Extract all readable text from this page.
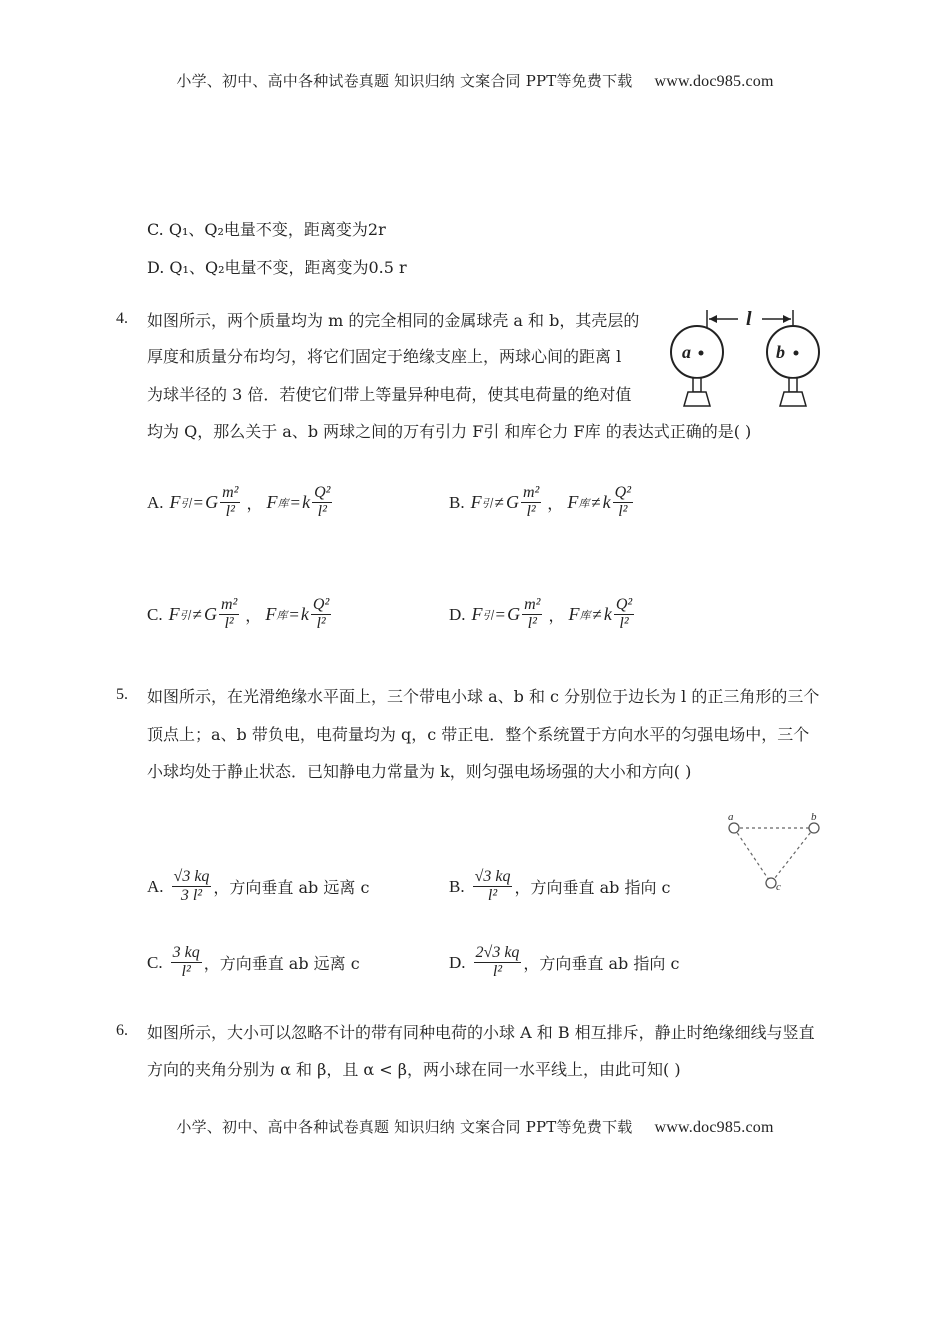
小学、初中、高中各种试卷真题 知识归纳 文案合同 PPT等免费下载 www.doc985.com
C. Q₁、Q₂电量不变，距离变为2r
D. Q₁、Q₂电量不变，距离变为0.5 r
4. 如图所示，两个质量均为 m 的完全相同的金属球壳 a 和 b，其壳层的
厚度和质量分布均匀，将它们固定于绝缘支座上，两球心间的距离 l
为球半径的 3 倍．若使它们带上等量异种电荷，使其电荷量的绝对值
均为 Q，那么关于 a、b 两球之间的万有引力 F引 和库仑力 F库 的表达式正确的是( )
l
a	b
A. F 引 = G $\frac{\text{m²}}{\text{l²}}$ ， F 库 = k $\frac{\text{Q²}}{\text{l²}}$	B. F 引 ≠ G $\frac{\text{m²}}{\text{l²}}$ ， F 库 ≠ k $\frac{\text{Q²}}{\text{l²}}$
C. F 引 ≠ G $\frac{\text{m²}}{\text{l²}}$ ， F 库 = k $\frac{\text{Q²}}{\text{l²}}$	D. F 引 = G $\frac{\text{m²}}{\text{l²}}$ ， F 库 ≠ k $\frac{\text{Q²}}{\text{l²}}$
5. 如图所示，在光滑绝缘水平面上，三个带电小球 a、b 和 c 分别位于边长为 l 的正三角形的三个
顶点上；a、b 带负电，电荷量均为 q，c 带正电．整个系统置于方向水平的匀强电场中，三个
小球均处于静止状态．已知静电力常量为 k，则匀强电场场强的大小和方向( )
a	b
c
A. $\frac{√3 kq}{\text{3 l²}}$ ，方向垂直 ab 远离 c	B. $\frac{√3 kq}{\text{l²}}$ ，方向垂直 ab 指向 c
C. $\frac{3 kq}{\text{l²}}$ ，方向垂直 ab 远离 c	D. $\frac{2√3 kq}{\text{l²}}$ ，方向垂直 ab 指向 c
6. 如图所示，大小可以忽略不计的带有同种电荷的小球 A 和 B 相互排斥，静止时绝缘细线与竖直
方向的夹角分别为 α 和 β，且 α < β，两小球在同一水平线上，由此可知( )
小学、初中、高中各种试卷真题 知识归纳 文案合同 PPT等免费下载 www.doc985.com
